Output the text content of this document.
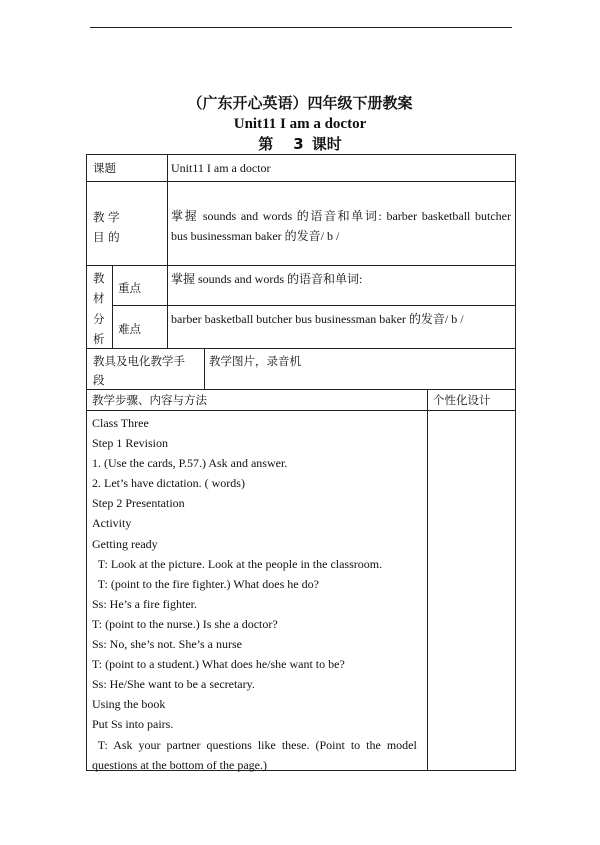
（广东开心英语）四年级下册教案
Unit11 I am a doctor
第 3 课时
课题	Unit11 I am a doctor
教 学
目 的
掌握 sounds and words 的语音和单词: barber basketball butcher
bus businessman baker 的发音/ b /
教
材
分
析
重点
掌握 sounds and words 的语音和单词:
难点
barber basketball butcher bus businessman baker 的发音/ b /
教具及电化教学手
段
教学图片，录音机
教学步骤、内容与方法	个性化设计
Class Three
Step 1 Revision
1. (Use the cards, P.57.) Ask and answer.
2. Let’s have dictation. ( words)
Step 2 Presentation
Activity
Getting ready
T: Look at the picture. Look at the people in the classroom.
T: (point to the fire fighter.) What does he do?
Ss: He’s a fire fighter.
T: (point to the nurse.) Is she a doctor?
Ss: No, she’s not. She’s a nurse
T: (point to a student.) What does he/she want to be?
Ss: He/She want to be a secretary.
Using the book
Put Ss into pairs.
T:  Ask  your  partner  questions  like  these.  (Point  to  the  model
questions at the bottom of the page.)
